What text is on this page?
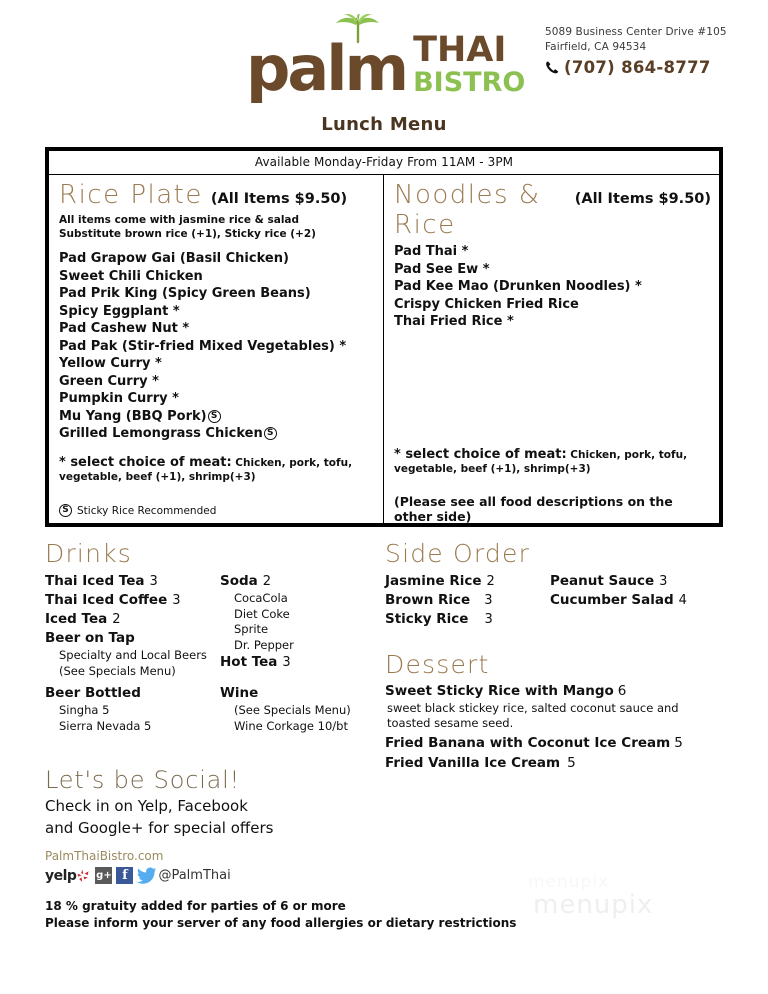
palm THAI
BISTRO
5089 Business Center Drive #105
Fairfield, CA 94534
(707) 864-8777
Lunch Menu
Available Monday-Friday From 11AM - 3PM
Rice Plate (All Items $9.50)
All items come with jasmine rice & salad
Substitute brown rice (+1), Sticky rice (+2)
Pad Grapow Gai (Basil Chicken)
Sweet Chili Chicken
Pad Prik King (Spicy Green Beans)
Spicy Eggplant *
Pad Cashew Nut *
Pad Pak (Stir-fried Mixed Vegetables) *
Yellow Curry *
Green Curry *
Pumpkin Curry *
Mu Yang (BBQ Pork) S
Grilled Lemongrass Chicken S
* select choice of meat: Chicken, pork, tofu,
vegetable, beef (+1), shrimp(+3)
S Sticky Rice Recommended
Noodles & Rice
(All Items $9.50)
Pad Thai *
Pad See Ew *
Pad Kee Mao (Drunken Noodles) *
Crispy Chicken Fried Rice
Thai Fried Rice *
* select choice of meat: Chicken, pork, tofu,
vegetable, beef (+1), shrimp(+3)
(Please see all food descriptions on the other side)
Drinks
Thai Iced Tea 3
Thai Iced Coffee 3
Iced Tea 2
Beer on Tap
Specialty and Local Beers
(See Specials Menu)
Beer Bottled
Singha 5
Sierra Nevada 5
Soda 2
CocaCola
Diet Coke
Sprite
Dr. Pepper
Hot Tea 3
Wine
(See Specials Menu)
Wine Corkage 10/bt
Side Order
Jasmine Rice 2
Brown Rice 3
Sticky Rice 3
Peanut Sauce 3
Cucumber Salad 4
Dessert
Sweet Sticky Rice with Mango 6
sweet black stickey rice, salted coconut sauce and
toasted sesame seed.
Fried Banana with Coconut Ice Cream 5
Fried Vanilla Ice Cream 5
Let's be Social!
Check in on Yelp, Facebook
and Google+ for special offers
PalmThaiBistro.com
yelp g+ f	@PalmThai
18 % gratuity added for parties of 6 or more
Please inform your server of any food allergies or dietary restrictions
menupix
menupix
